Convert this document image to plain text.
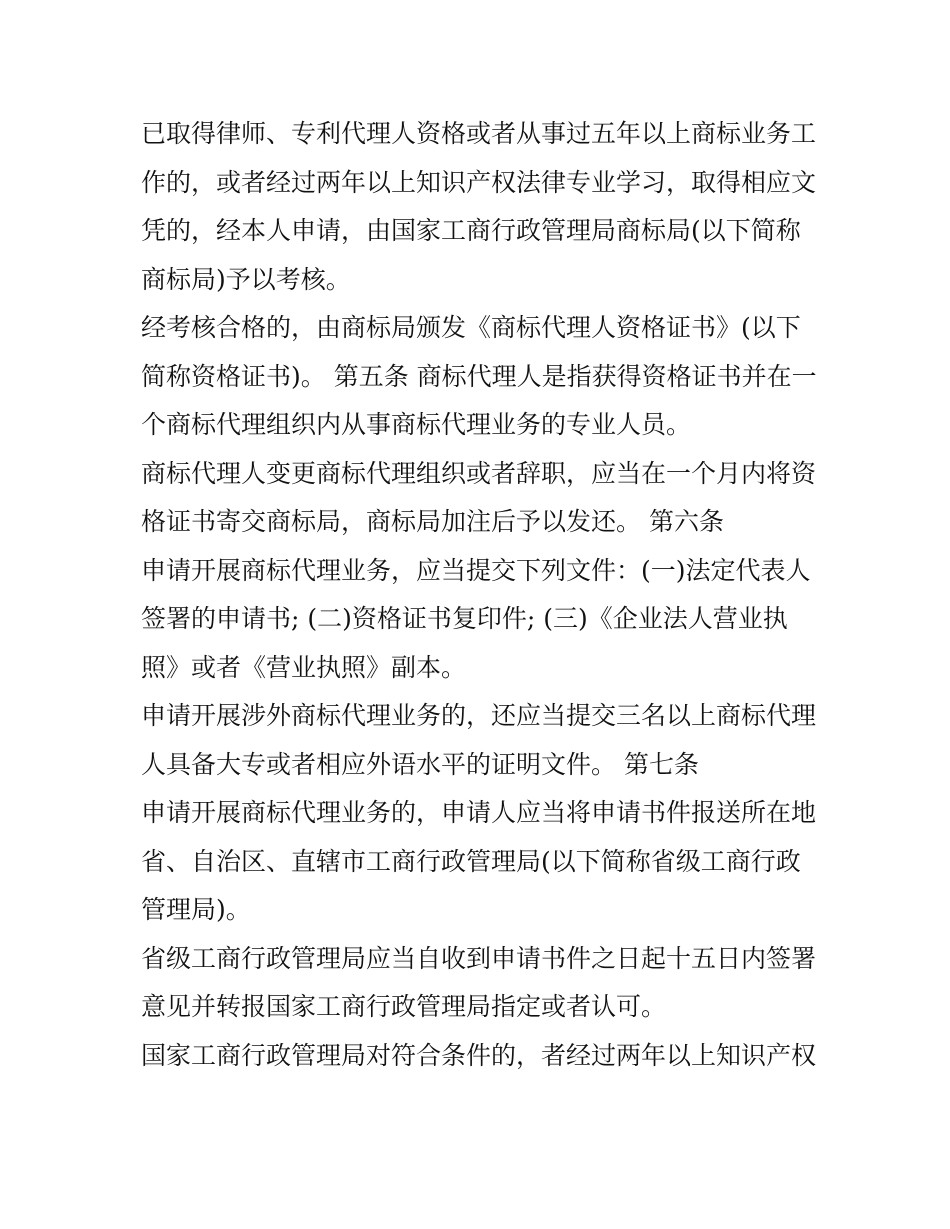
已取得律师、专利代理人资格或者从事过五年以上商标业务工
作的，或者经过两年以上知识产权法律专业学习，取得相应文
凭的，经本人申请，由国家工商行政管理局商标局(以下简称
商标局)予以考核。
经考核合格的，由商标局颁发《商标代理人资格证书》(以下
简称资格证书)。 第五条 商标代理人是指获得资格证书并在一
个商标代理组织内从事商标代理业务的专业人员。
商标代理人变更商标代理组织或者辞职，应当在一个月内将资
格证书寄交商标局，商标局加注后予以发还。 第六条
申请开展商标代理业务，应当提交下列文件：(一)法定代表人
签署的申请书; (二)资格证书复印件; (三)《企业法人营业执
照》或者《营业执照》副本。
申请开展涉外商标代理业务的，还应当提交三名以上商标代理
人具备大专或者相应外语水平的证明文件。 第七条
申请开展商标代理业务的，申请人应当将申请书件报送所在地
省、自治区、直辖市工商行政管理局(以下简称省级工商行政
管理局)。
省级工商行政管理局应当自收到申请书件之日起十五日内签署
意见并转报国家工商行政管理局指定或者认可。
国家工商行政管理局对符合条件的，者经过两年以上知识产权
